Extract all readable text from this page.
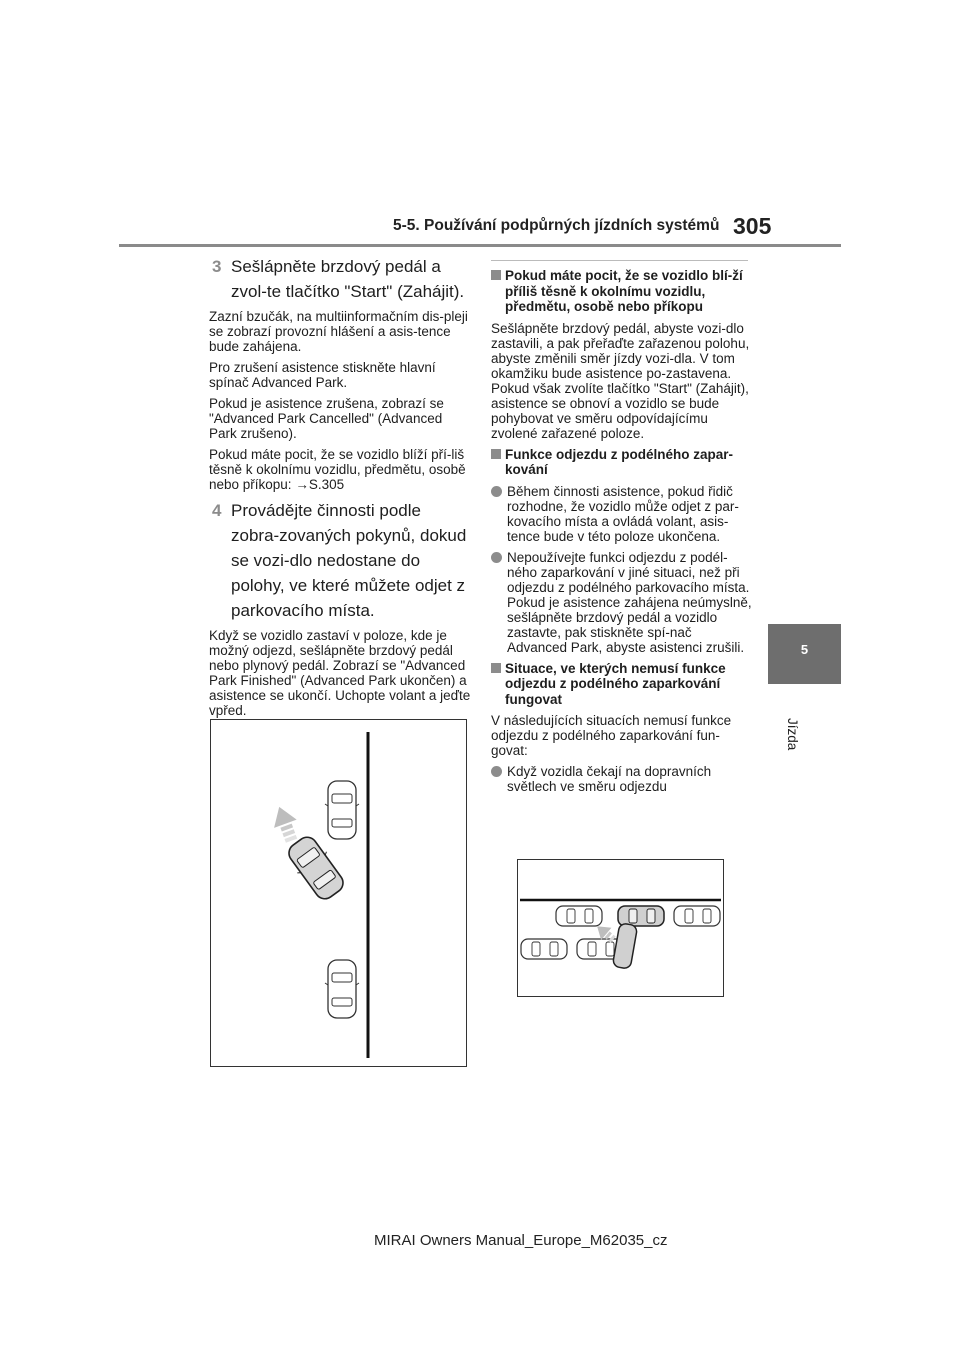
5-5. Používání podpůrných jízdních systémů 305
5
Jízda
3 Sešlápněte brzdový pedál a zvol-te tlačítko "Start" (Zahájit).

Zazní bzučák, na multiinformačním dis-pleji se zobrazí provozní hlášení a asis-tence bude zahájena.

Pro zrušení asistence stiskněte hlavní spínač Advanced Park.

Pokud je asistence zrušena, zobrazí se "Advanced Park Cancelled" (Advanced Park zrušeno).

Pokud máte pocit, že se vozidlo blíží pří-liš těsně k okolnímu vozidlu, předmětu, osobě nebo příkopu: →S.305

4 Provádějte činnosti podle zobra-zovaných pokynů, dokud se vozi-dlo nedostane do polohy, ve které můžete odjet z parkovacího místa.

Když se vozidlo zastaví v poloze, kde je možný odjezd, sešlápněte brzdový pedál nebo plynový pedál. Zobrazí se "Advanced Park Finished" (Advanced Park ukončen) a asistence se ukončí. Uchopte volant a jeďte vpřed.

Pokud máte pocit, že se vozidlo blí-ží příliš těsně k okolnímu vozidlu, předmětu, osobě nebo příkopu

Sešlápněte brzdový pedál, abyste vozi-dlo zastavili, a pak přeřaďte zařazenou polohu, abyste změnili směr jízdy vozi-dla. V tom okamžiku bude asistence po-zastavena. Pokud však zvolíte tlačítko "Start" (Zahájit), asistence se obnoví a vozidlo se bude pohybovat ve směru odpovídajícímu zvolené zařazené poloze.

Funkce odjezdu z podélného zapar-kování
Během činnosti asistence, pokud řidič rozhodne, že vozidlo může odjet z par-kovacího místa a ovládá volant, asis-tence bude v této poloze ukončena.
Nepoužívejte funkci odjezdu z podél-ného zaparkování v jiné situaci, než při odjezdu z podélného parkovacího místa. Pokud je asistence zahájena neúmyslně, sešlápněte brzdový pedál a vozidlo zastavte, pak stiskněte spí-nač Advanced Park, abyste asistenci zrušili.
Situace, ve kterých nemusí funkce odjezdu z podélného zaparkování fungovat

V následujících situacích nemusí funkce odjezdu z podélného zaparkování fun-govat:

Když vozidla čekají na dopravních světlech ve směru odjezdu
MIRAI Owners Manual_Europe_M62035_cz
